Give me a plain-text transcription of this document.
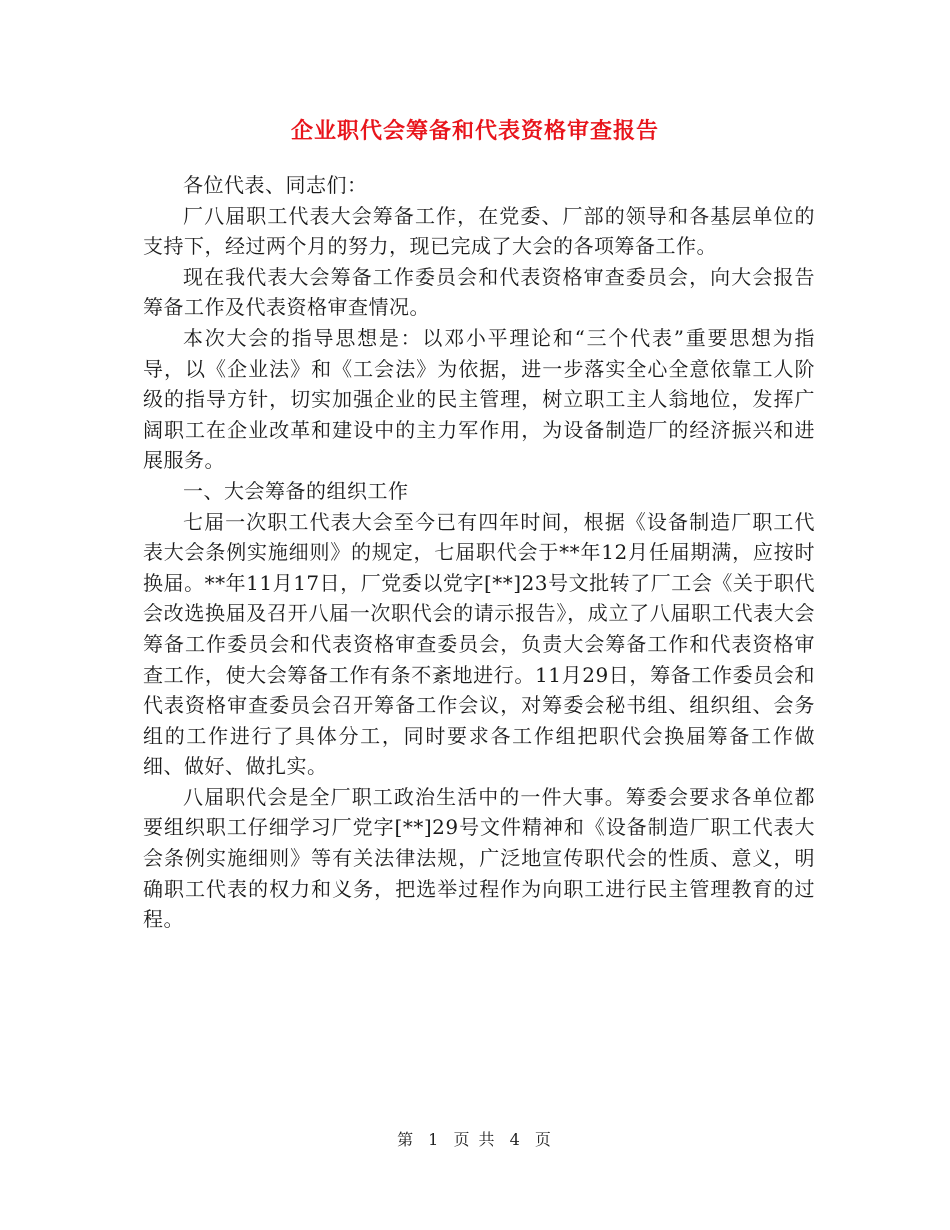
企业职代会筹备和代表资格审查报告

各位代表、同志们：

厂八届职工代表大会筹备工作，在党委、厂部的领导和各基层单位的支持下，经过两个月的努力，现已完成了大会的各项筹备工作。

现在我代表大会筹备工作委员会和代表资格审查委员会，向大会报告筹备工作及代表资格审查情况。

本次大会的指导思想是：以邓小平理论和“三个代表”重要思想为指导，以《企业法》和《工会法》为依据，进一步落实全心全意依靠工人阶级的指导方针，切实加强企业的民主管理，树立职工主人翁地位，发挥广阔职工在企业改革和建设中的主力军作用，为设备制造厂的经济振兴和进展服务。

一、大会筹备的组织工作

七届一次职工代表大会至今已有四年时间，根据《设备制造厂职工代表大会条例实施细则》的规定，七届职代会于**年12月任届期满，应按时换届。**年11月17日，厂党委以党字[**]23号文批转了厂工会《关于职代会改选换届及召开八届一次职代会的请示报告》，成立了八届职工代表大会筹备工作委员会和代表资格审查委员会，负责大会筹备工作和代表资格审查工作，使大会筹备工作有条不紊地进行。11月29日，筹备工作委员会和代表资格审查委员会召开筹备工作会议，对筹委会秘书组、组织组、会务组的工作进行了具体分工，同时要求各工作组把职代会换届筹备工作做细、做好、做扎实。

八届职代会是全厂职工政治生活中的一件大事。筹委会要求各单位都要组织职工仔细学习厂党字[**]29号文件精神和《设备制造厂职工代表大会条例实施细则》等有关法律法规，广泛地宣传职代会的性质、意义，明确职工代表的权力和义务，把选举过程作为向职工进行民主管理教育的过程。

第 1 页 共 4 页
